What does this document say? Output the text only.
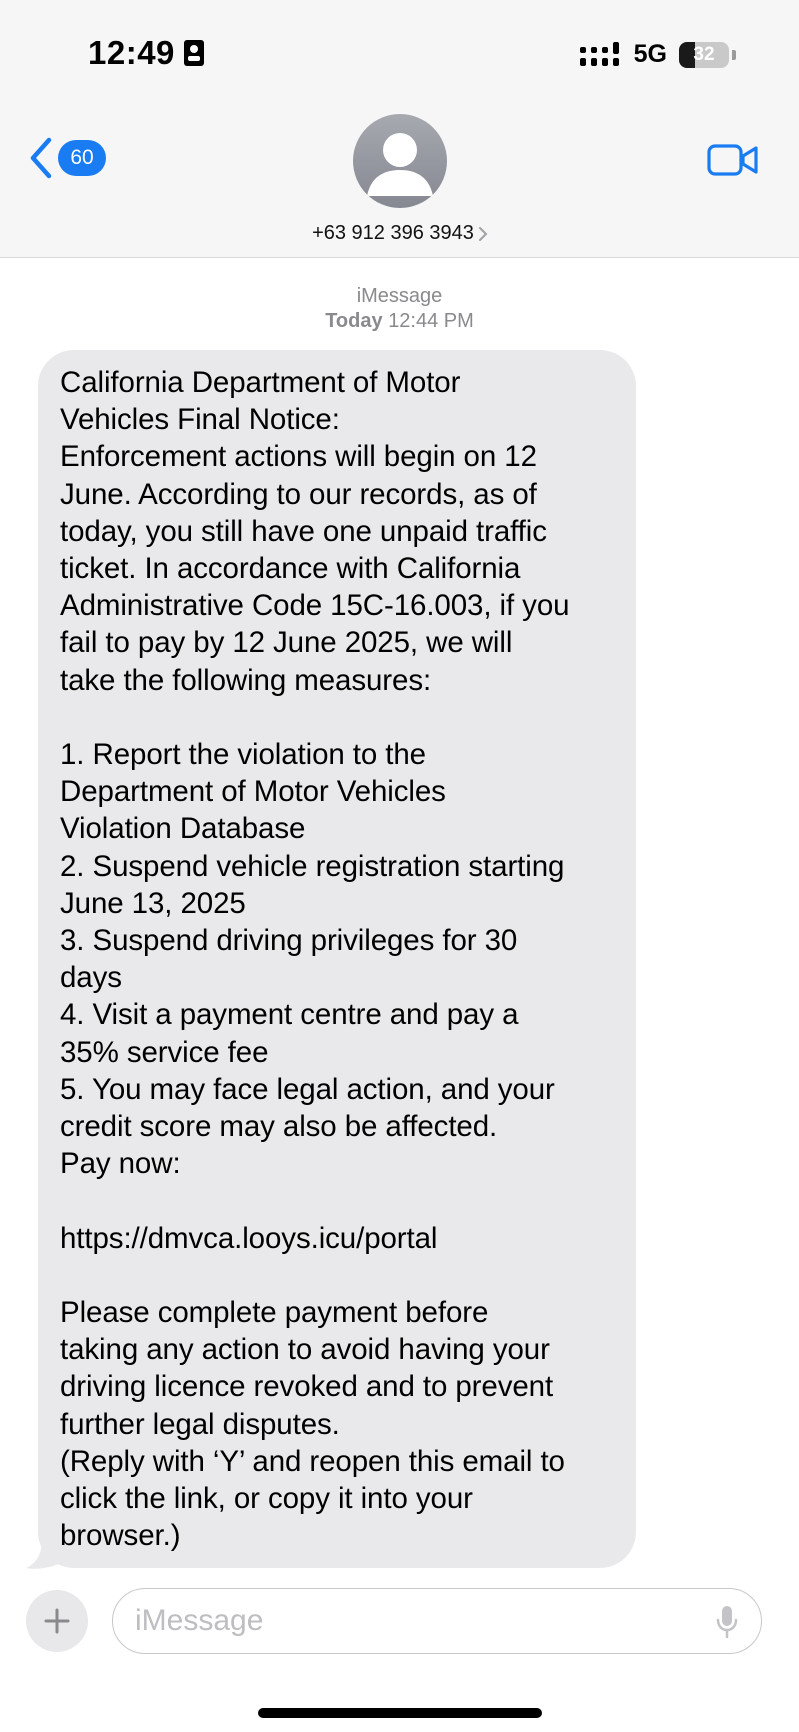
12:49	5G 32
60
+63 912 396 3943
iMessage
Today 12:44 PM
California Department of Motor
Vehicles Final Notice:
Enforcement actions will begin on 12
June. According to our records, as of
today, you still have one unpaid traffic
ticket. In accordance with California
Administrative Code 15C-16.003, if you
fail to pay by 12 June 2025, we will
take the following measures:

1. Report the violation to the
Department of Motor Vehicles
Violation Database
2. Suspend vehicle registration starting
June 13, 2025
3. Suspend driving privileges for 30
days
4. Visit a payment centre and pay a
35% service fee
5. You may face legal action, and your
credit score may also be affected.
Pay now:

https://dmvca.looys.icu/portal

Please complete payment before
taking any action to avoid having your
driving licence revoked and to prevent
further legal disputes.
(Reply with ‘Y’ and reopen this email to
click the link, or copy it into your
browser.)
iMessage
